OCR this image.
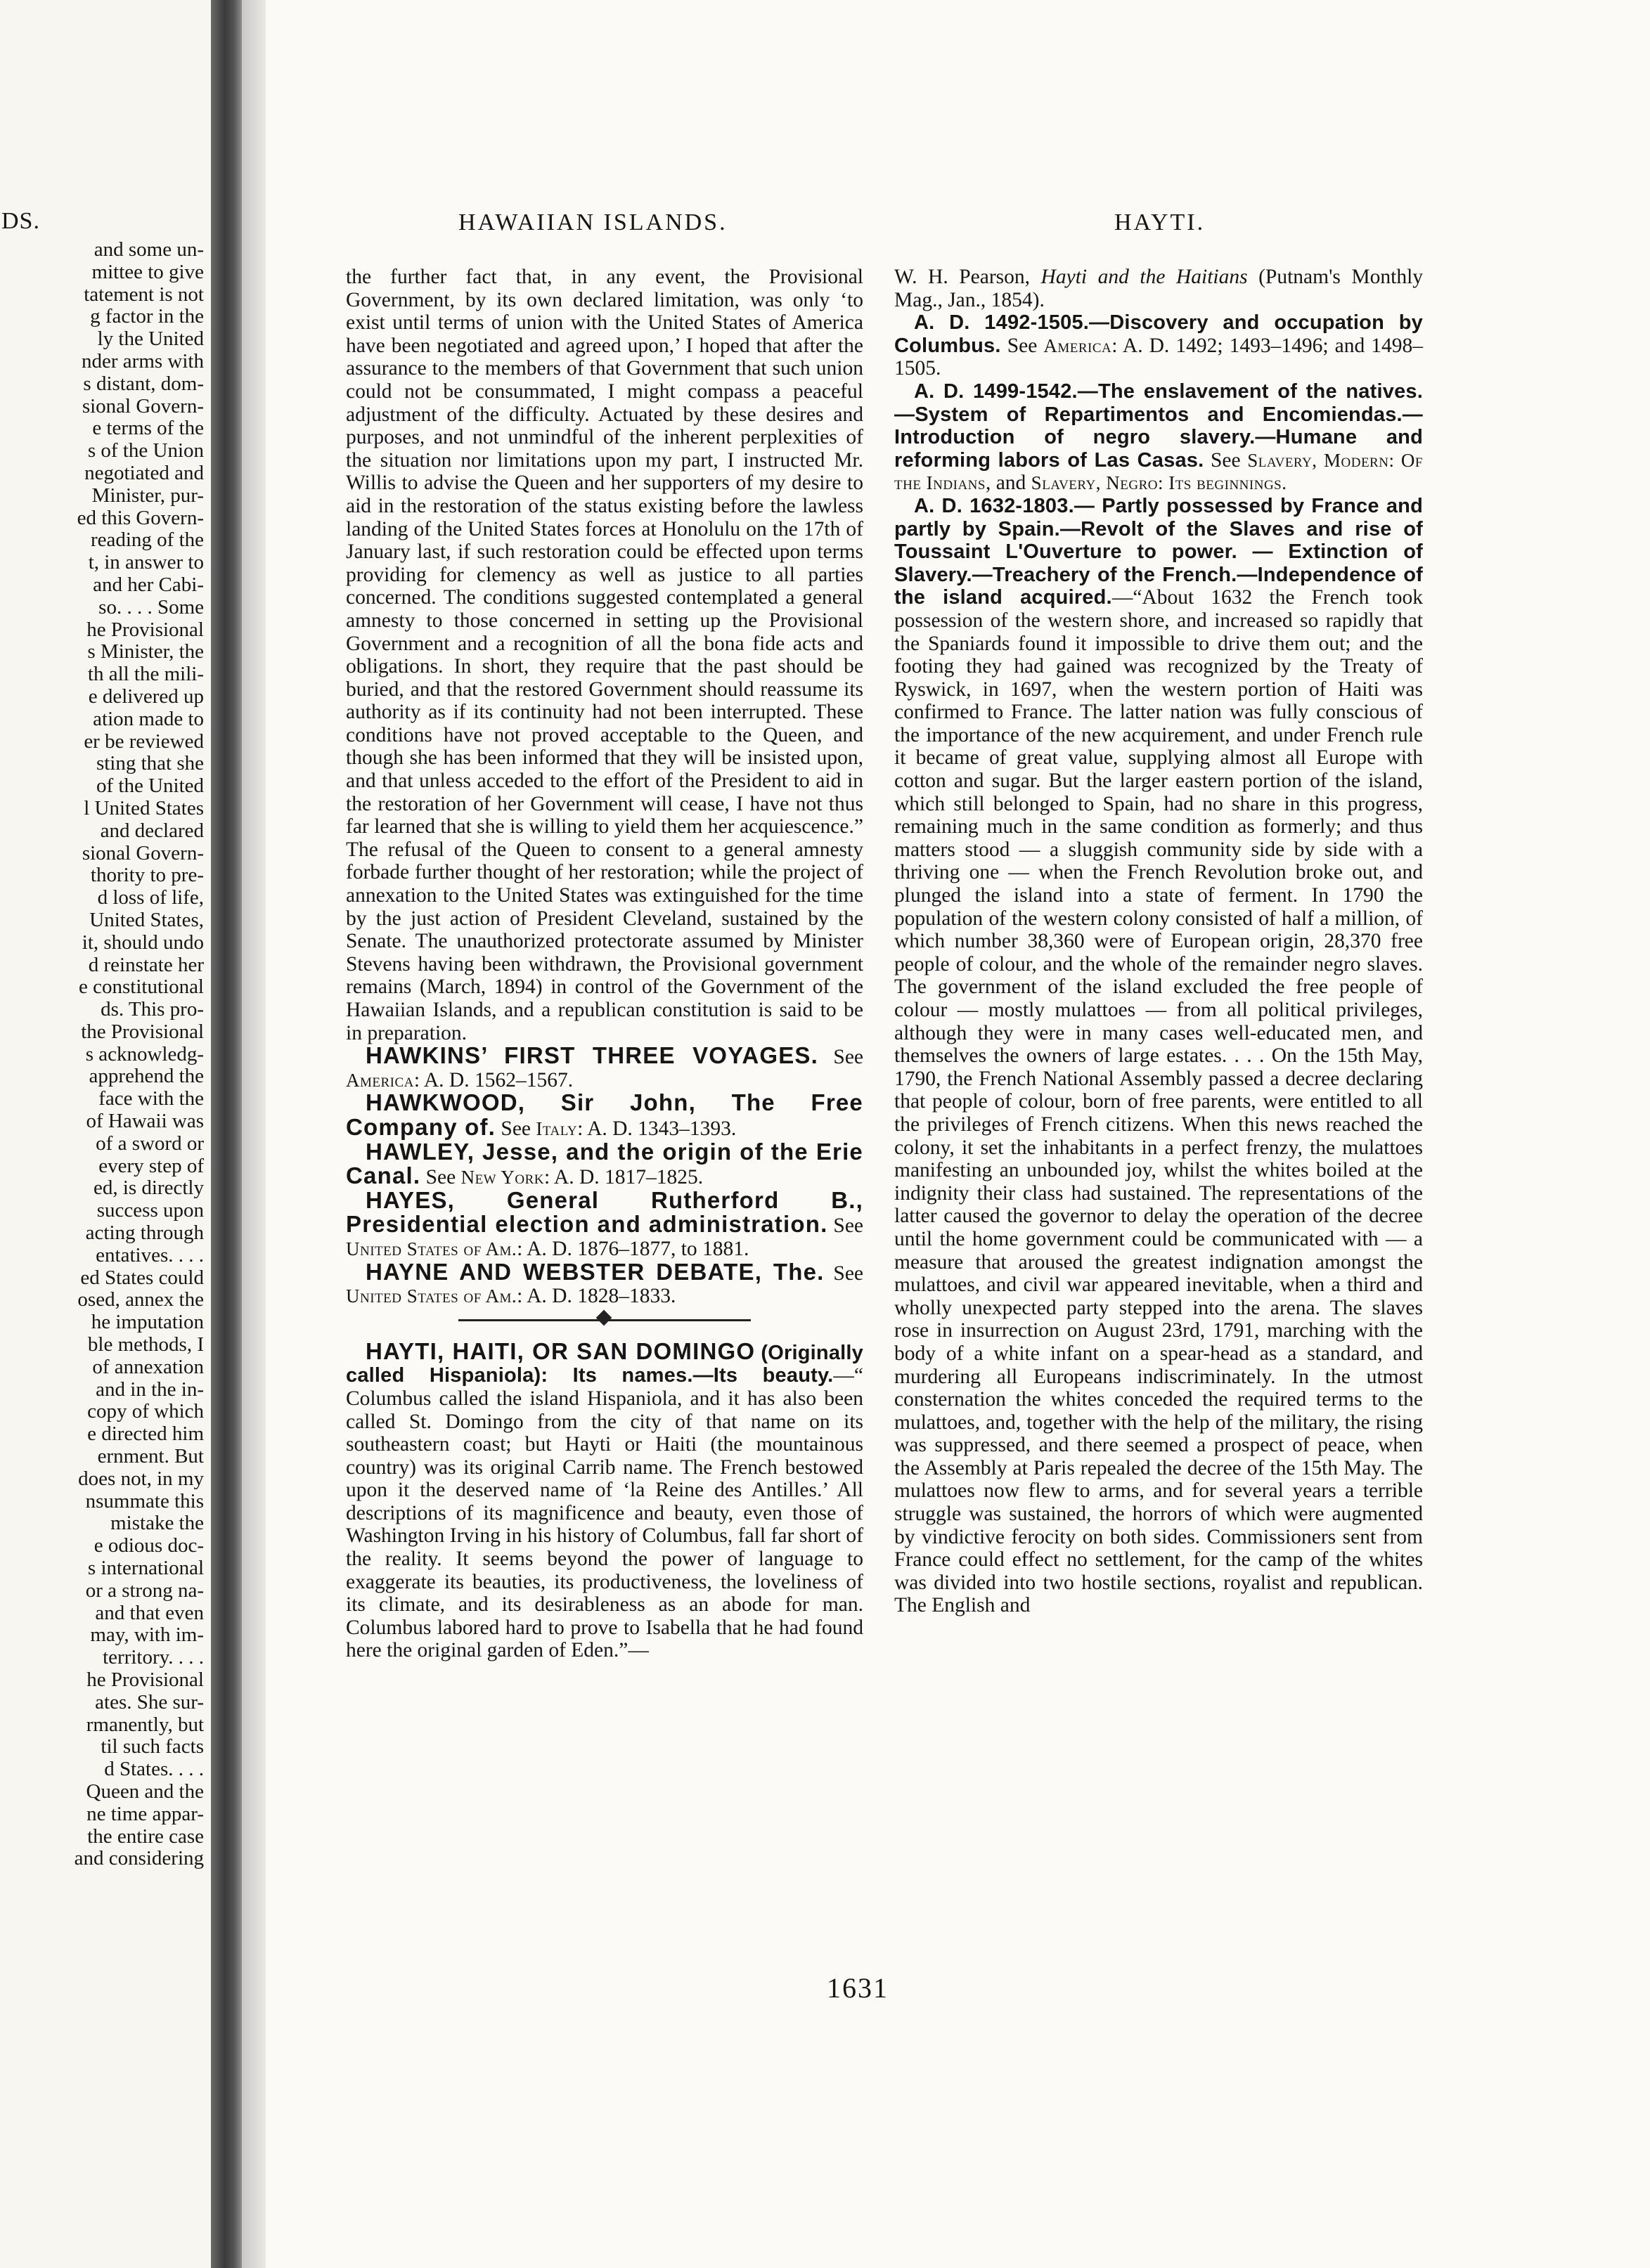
DS.
and some un-
mittee to give
tatement is not
g factor in the
ly the United
nder arms with
s distant, dom-
sional Govern-
e terms of the
s of the Union
negotiated and
Minister, pur-
ed this Govern-
reading of the
t, in answer to
and her Cabi-
so. . . . Some
he Provisional
s Minister, the
th all the mili-
e delivered up
ation made to
er be reviewed
sting that she
of the United
l United States
and declared
sional Govern-
thority to pre-
d loss of life,
United States,
it, should undo
d reinstate her
e constitutional
ds. This pro-
the Provisional
s acknowledg-
apprehend the
face with the
of Hawaii was
of a sword or
every step of
ed, is directly
success upon
acting through
entatives. . . .
ed States could
osed, annex the
he imputation
ble methods, I
of annexation
and in the in-
copy of which
e directed him
ernment. But
does not, in my
nsummate this
mistake the
e odious doc-
s international
or a strong na-
and that even
may, with im-
territory. . . .
he Provisional
ates. She sur-
rmanently, but
til such facts
d States. . . .
Queen and the
ne time appar-
the entire case
and considering
HAWAIIAN ISLANDS.	HAYTI.

the further fact that, in any event, the Provisional Government, by its own declared limitation, was only ‘to exist until terms of union with the United States of America have been negotiated and agreed upon,’ I hoped that after the assurance to the members of that Government that such union could not be consummated, I might compass a peaceful adjustment of the difficulty. Actuated by these desires and purposes, and not unmindful of the inherent perplexities of the situation nor limitations upon my part, I instructed Mr. Willis to advise the Queen and her supporters of my desire to aid in the restoration of the status existing before the lawless landing of the United States forces at Honolulu on the 17th of January last, if such restoration could be effected upon terms providing for clemency as well as justice to all parties concerned. The conditions suggested contemplated a general amnesty to those concerned in setting up the Provisional Government and a recognition of all the bona fide acts and obligations. In short, they require that the past should be buried, and that the restored Government should reassume its authority as if its continuity had not been interrupted. These conditions have not proved acceptable to the Queen, and though she has been informed that they will be insisted upon, and that unless acceded to the effort of the President to aid in the restoration of her Government will cease, I have not thus far learned that she is willing to yield them her acquiescence.” The refusal of the Queen to consent to a general amnesty forbade further thought of her restoration; while the project of annexation to the United States was extinguished for the time by the just action of President Cleveland, sustained by the Senate. The unauthorized protectorate assumed by Minister Stevens having been withdrawn, the Provisional government remains (March, 1894) in control of the Government of the Hawaiian Islands, and a republican constitution is said to be in preparation.

HAWKINS’ FIRST THREE VOYAGES. See America: A. D. 1562–1567.

HAWKWOOD, Sir John, The Free Company of. See Italy: A. D. 1343–1393.

HAWLEY, Jesse, and the origin of the Erie Canal. See New York: A. D. 1817–1825.

HAYES, General Rutherford B., Presidential election and administration. See United States of Am.: A. D. 1876–1877, to 1881.

HAYNE AND WEBSTER DEBATE, The. See United States of Am.: A. D. 1828–1833.

HAYTI, HAITI, OR SAN DOMINGO (Originally called Hispaniola): Its names.—Its beauty.—“ Columbus called the island Hispaniola, and it has also been called St. Domingo from the city of that name on its southeastern coast; but Hayti or Haiti (the mountainous country) was its original Carrib name. The French bestowed upon it the deserved name of ‘la Reine des Antilles.’ All descriptions of its magnificence and beauty, even those of Washington Irving in his history of Columbus, fall far short of the reality. It seems beyond the power of language to exaggerate its beauties, its productiveness, the loveliness of its climate, and its desirableness as an abode for man. Columbus labored hard to prove to Isabella that he had found here the original garden of Eden.”—

W. H. Pearson, Hayti and the Haitians (Putnam's Monthly Mag., Jan., 1854).

A. D. 1492-1505.—Discovery and occupation by Columbus. See America: A. D. 1492; 1493–1496; and 1498–1505.

A. D. 1499-1542.—The enslavement of the natives.—System of Repartimentos and Encomiendas.—Introduction of negro slavery.—Humane and reforming labors of Las Casas. See Slavery, Modern: Of the Indians, and Slavery, Negro: Its beginnings.

A. D. 1632-1803.— Partly possessed by France and partly by Spain.—Revolt of the Slaves and rise of Toussaint L'Ouverture to power. — Extinction of Slavery.—Treachery of the French.—Independence of the island acquired.—“About 1632 the French took possession of the western shore, and increased so rapidly that the Spaniards found it impossible to drive them out; and the footing they had gained was recognized by the Treaty of Ryswick, in 1697, when the western portion of Haiti was confirmed to France. The latter nation was fully conscious of the importance of the new acquirement, and under French rule it became of great value, supplying almost all Europe with cotton and sugar. But the larger eastern portion of the island, which still belonged to Spain, had no share in this progress, remaining much in the same condition as formerly; and thus matters stood — a sluggish community side by side with a thriving one — when the French Revolution broke out, and plunged the island into a state of ferment. In 1790 the population of the western colony consisted of half a million, of which number 38,360 were of European origin, 28,370 free people of colour, and the whole of the remainder negro slaves. The government of the island excluded the free people of colour — mostly mulattoes — from all political privileges, although they were in many cases well-educated men, and themselves the owners of large estates. . . . On the 15th May, 1790, the French National Assembly passed a decree declaring that people of colour, born of free parents, were entitled to all the privileges of French citizens. When this news reached the colony, it set the inhabitants in a perfect frenzy, the mulattoes manifesting an unbounded joy, whilst the whites boiled at the indignity their class had sustained. The representations of the latter caused the governor to delay the operation of the decree until the home government could be communicated with — a measure that aroused the greatest indignation amongst the mulattoes, and civil war appeared inevitable, when a third and wholly unexpected party stepped into the arena. The slaves rose in insurrection on August 23rd, 1791, marching with the body of a white infant on a spear-head as a standard, and murdering all Europeans indiscriminately. In the utmost consternation the whites conceded the required terms to the mulattoes, and, together with the help of the military, the rising was suppressed, and there seemed a prospect of peace, when the Assembly at Paris repealed the decree of the 15th May. The mulattoes now flew to arms, and for several years a terrible struggle was sustained, the horrors of which were augmented by vindictive ferocity on both sides. Commissioners sent from France could effect no settlement, for the camp of the whites was divided into two hostile sections, royalist and republican. The English and

1631
